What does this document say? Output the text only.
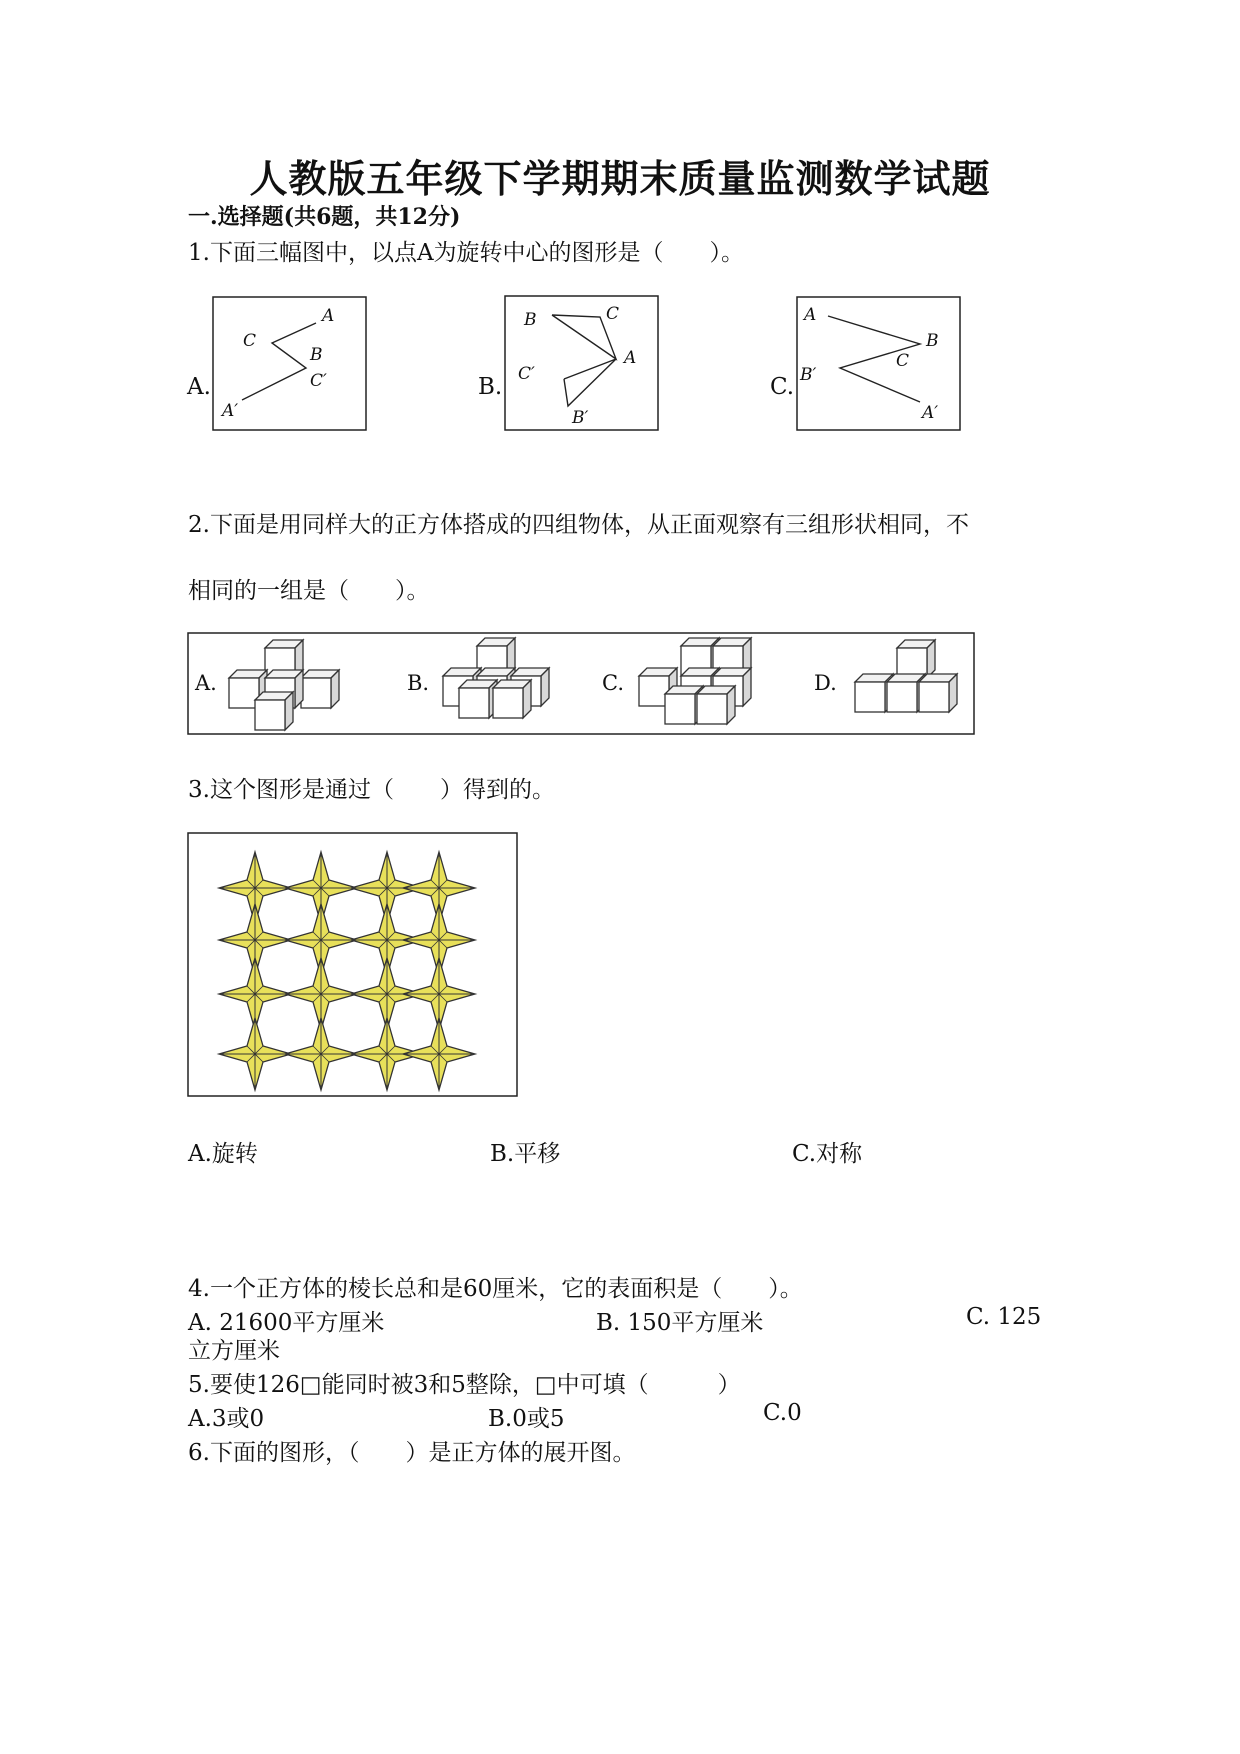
人教版五年级下学期期末质量监测数学试题
一.选择题(共6题，共12分)
1.下面三幅图中，以点A为旋转中心的图形是（　　）。
A.	B.	C.
A
C
B
C′
A′
B	C
A
C′
B′
A
B
C
B′
A′
2.下面是用同样大的正方体搭成的四组物体，从正面观察有三组形状相同，不
相同的一组是（　　）。
A.	B.	C.	D.
3.这个图形是通过（　　）得到的。
A.旋转	B.平移	C.对称
4.一个正方体的棱长总和是60厘米，它的表面积是（　　）。
A. 21600平方厘米	B. 150平方厘米	C. 125
立方厘米
5.要使126□能同时被3和5整除，□中可填（　　　）
A.3或0	B.0或5	C.0
6.下面的图形，（　　）是正方体的展开图。
